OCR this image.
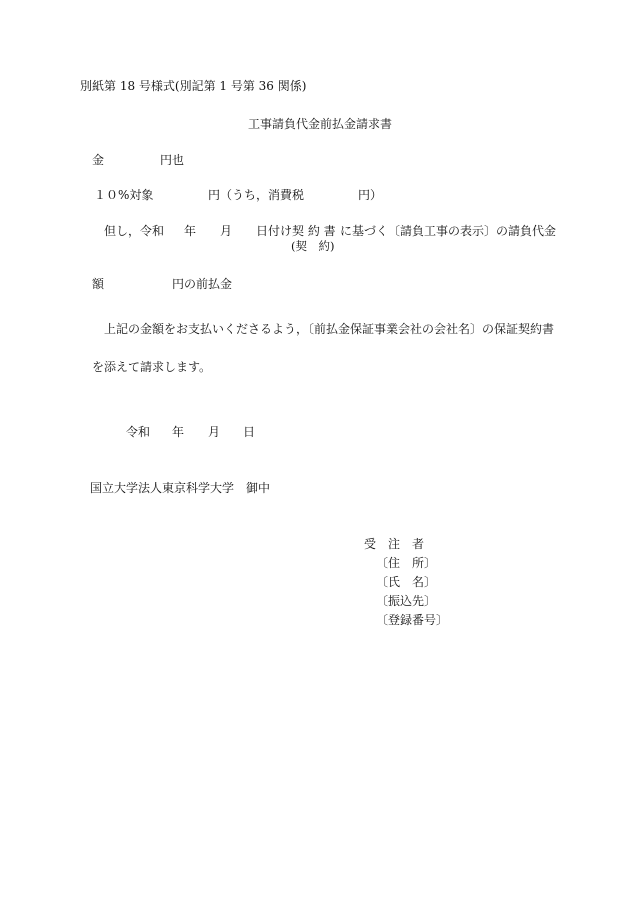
別紙第 18 号様式(別記第 1 号第 36 関係)
工事請負代金前払金請求書
金	円也
１０%対象	円（うち，消費税	円）
但し，令和 年 月 日付け 契 約 書
(契　約)
に基づく〔請負工事の表示〕の請負代金
額	円の前払金
上記の金額をお支払いくださるよう，〔前払金保証事業会社の会社名〕の保証契約書
を添えて請求します。
令和 年 月 日
国立大学法人東京科学大学　御中
受　注　者
〔住　所〕
〔氏　名〕
〔振込先〕
〔登録番号〕
